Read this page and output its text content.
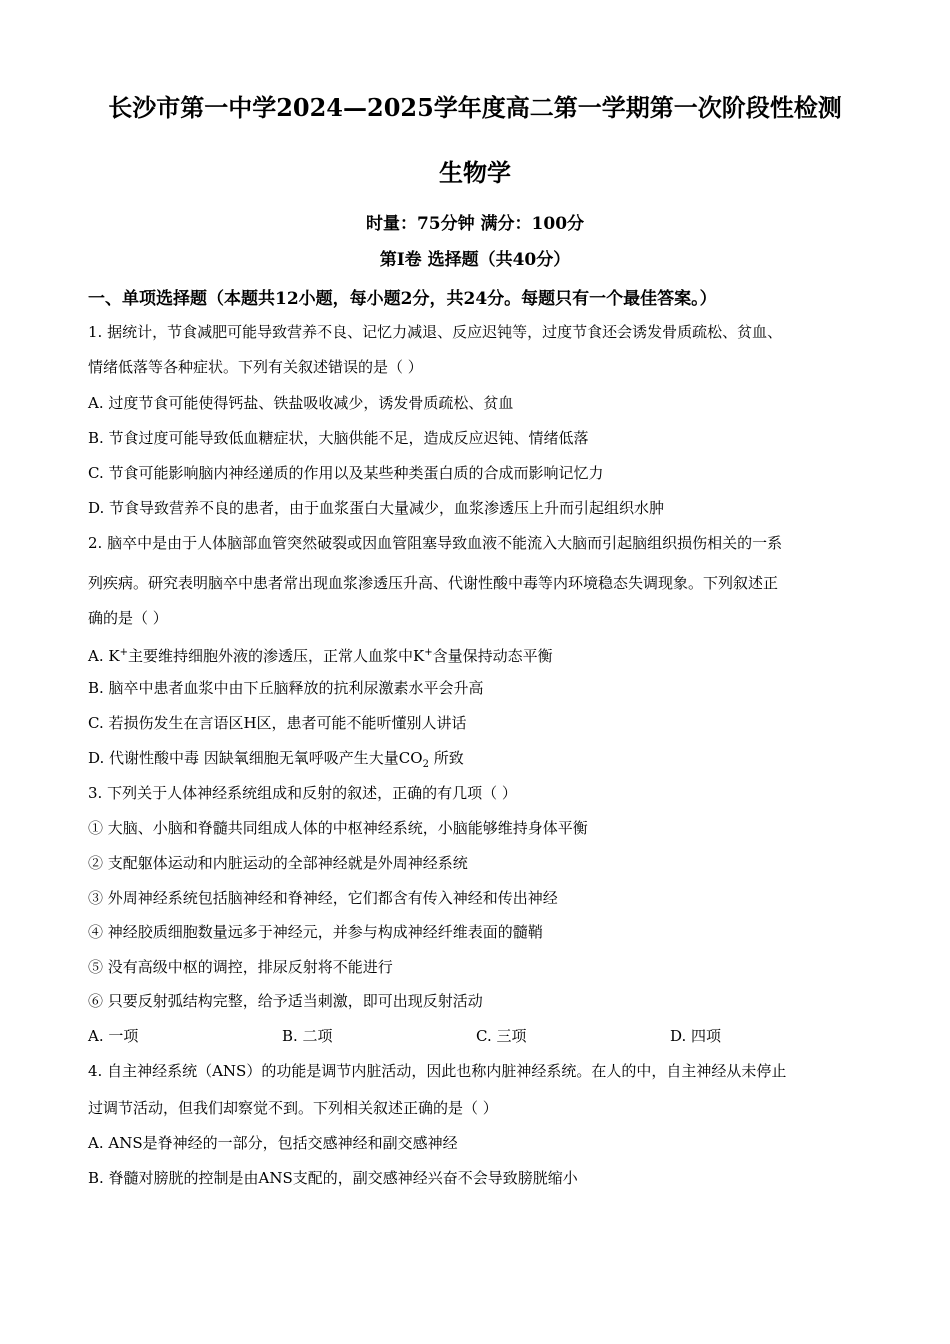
长沙市第一中学2024—2025学年度高二第一学期第一次阶段性检测
生物学
时量：75分钟 满分：100分
第Ⅰ卷 选择题（共40分）
一、单项选择题（本题共12小题，每小题2分，共24分。每题只有一个最佳答案。）
1. 据统计，节食减肥可能导致营养不良、记忆力减退、反应迟钝等，过度节食还会诱发骨质疏松、贫血、
情绪低落等各种症状。下列有关叙述错误的是（ ）
A. 过度节食可能使得钙盐、铁盐吸收减少，诱发骨质疏松、贫血
B. 节食过度可能导致低血糖症状，大脑供能不足，造成反应迟钝、情绪低落
C. 节食可能影响脑内神经递质的作用以及某些种类蛋白质的合成而影响记忆力
D. 节食导致营养不良的患者，由于血浆蛋白大量减少，血浆渗透压上升而引起组织水肿
2. 脑卒中是由于人体脑部血管突然破裂或因血管阻塞导致血液不能流入大脑而引起脑组织损伤相关的一系
列疾病。研究表明脑卒中患者常出现血浆渗透压升高、代谢性酸中毒等内环境稳态失调现象。下列叙述正
确的是（ ）
A. K+主要维持细胞外液的渗透压，正常人血浆中K+含量保持动态平衡
B. 脑卒中患者血浆中由下丘脑释放的抗利尿激素水平会升高
C. 若损伤发生在言语区H区，患者可能不能听懂别人讲话
D. 代谢性酸中毒 因缺氧细胞无氧呼吸产生大量$CO_2$ 所致
3. 下列关于人体神经系统组成和反射的叙述，正确的有几项（ ）
① 大脑、小脑和脊髓共同组成人体的中枢神经系统，小脑能够维持身体平衡
② 支配躯体运动和内脏运动的全部神经就是外周神经系统
③ 外周神经系统包括脑神经和脊神经，它们都含有传入神经和传出神经
④ 神经胶质细胞数量远多于神经元，并参与构成神经纤维表面的髓鞘
⑤ 没有高级中枢的调控，排尿反射将不能进行
⑥ 只要反射弧结构完整，给予适当刺激，即可出现反射活动
A. 一项	B. 二项	C. 三项	D. 四项
4. 自主神经系统（ANS）的功能是调节内脏活动，因此也称内脏神经系统。在人的中，自主神经从未停止
过调节活动，但我们却察觉不到。下列相关叙述正确的是（ ）
A. ANS是脊神经的一部分，包括交感神经和副交感神经
B. 脊髓对膀胱的控制是由ANS支配的，副交感神经兴奋不会导致膀胱缩小
